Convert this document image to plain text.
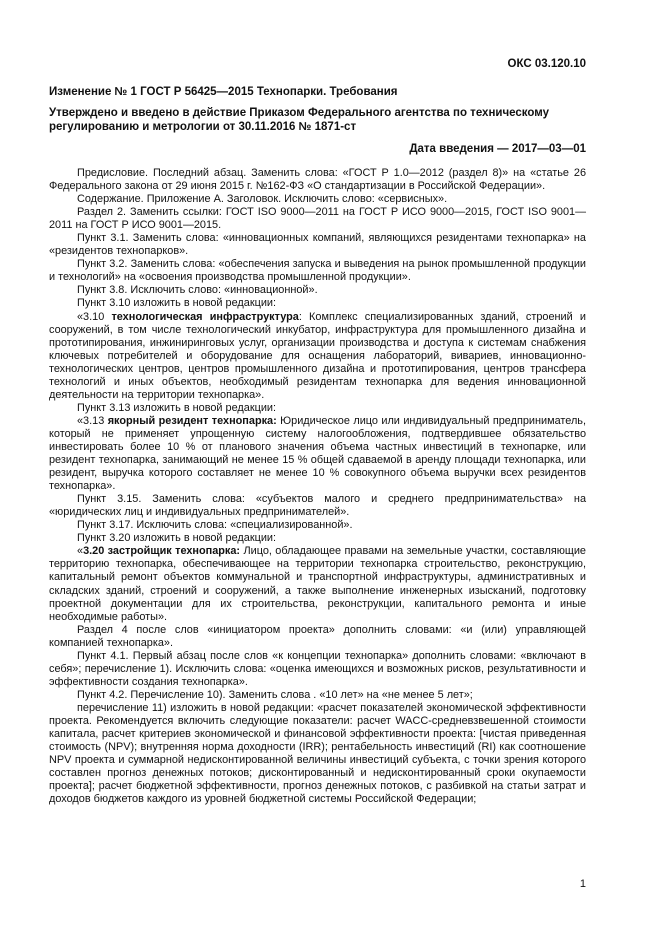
ОКС 03.120.10
Изменение № 1 ГОСТ Р 56425—2015 Технопарки. Требования
Утверждено и введено в действие Приказом Федерального агентства по техническому регулированию и метрологии от 30.11.2016 № 1871-ст
Дата введения — 2017—03—01

Предисловие. Последний абзац. Заменить слова: «ГОСТ Р 1.0—2012 (раздел 8)» на «статье 26 Федерального закона от 29 июня 2015 г. №162-ФЗ «О стандартизации в Российской Федерации».

Содержание. Приложение А. Заголовок. Исключить слово: «сервисных».

Раздел 2. Заменить ссылки: ГОСТ ISO 9000—2011 на ГОСТ Р ИСО 9000—2015, ГОСТ ISO 9001—2011 на ГОСТ Р ИСО 9001—2015.

Пункт 3.1. Заменить слова: «инновационных компаний, являющихся резидентами технопарка» на «резидентов технопарков».

Пункт 3.2. Заменить слова: «обеспечения запуска и выведения на рынок промышленной продукции и технологий» на «освоения производства промышленной продукции».

Пункт 3.8. Исключить слово: «инновационной».

Пункт 3.10 изложить в новой редакции:

«3.10 технологическая инфраструктура: Комплекс специализированных зданий, строений и сооружений, в том числе технологический инкубатор, инфраструктура для промышленного дизайна и прототипирования, инжиниринговых услуг, организации производства и доступа к системам снабжения ключевых потребителей и оборудование для оснащения лабораторий, вивариев, инновационно-технологических центров, центров промышленного дизайна и прототипирования, центров трансфера технологий и иных объектов, необходимый резидентам технопарка для ведения инновационной деятельности на территории технопарка».

Пункт 3.13 изложить в новой редакции:

«3.13 якорный резидент технопарка: Юридическое лицо или индивидуальный предприниматель, который не применяет упрощенную систему налогообложения, подтвердившее обязательство инвестировать более 10 % от планового значения объема частных инвестиций в технопарке, или резидент технопарка, занимающий не менее 15 % общей сдаваемой в аренду площади технопарка, или резидент, выручка которого составляет не менее 10 % совокупного объема выручки всех резидентов технопарка».

Пункт 3.15. Заменить слова: «субъектов малого и среднего предпринимательства» на «юридических лиц и индивидуальных предпринимателей».

Пункт 3.17. Исключить слова: «специализированной».

Пункт 3.20 изложить в новой редакции:

«3.20 застройщик технопарка: Лицо, обладающее правами на земельные участки, составляющие территорию технопарка, обеспечивающее на территории технопарка строительство, реконструкцию, капитальный ремонт объектов коммунальной и транспортной инфраструктуры, административных и складских зданий, строений и сооружений, а также выполнение инженерных изысканий, подготовку проектной документации для их строительства, реконструкции, капитального ремонта и иные необходимые работы».

Раздел 4 после слов «инициатором проекта» дополнить словами: «и (или) управляющей компанией технопарка».

Пункт 4.1. Первый абзац после слов «к концепции технопарка» дополнить словами: «включают в себя»; перечисление 1). Исключить слова: «оценка имеющихся и возможных рисков, результативности и эффективности создания технопарка».

Пункт 4.2. Перечисление 10). Заменить слова . «10 лет» на «не менее 5 лет»;

перечисление 11) изложить в новой редакции: «расчет показателей экономической эффективности проекта. Рекомендуется включить следующие показатели: расчет WACC-средневзвешенной стоимости капитала, расчет критериев экономической и финансовой эффективности проекта: [чистая приведенная стоимость (NPV); внутренняя норма доходности (IRR); рентабельность инвестиций (RI) как соотношение NPV проекта и суммарной недисконтированной величины инвестиций субъекта, с точки зрения которого составлен прогноз денежных потоков; дисконтированный и недисконтированный сроки окупаемости проекта]; расчет бюджетной эффективности, прогноз денежных потоков, с разбивкой на статьи затрат и доходов бюджетов каждого из уровней бюджетной системы Российской Федерации;

1
